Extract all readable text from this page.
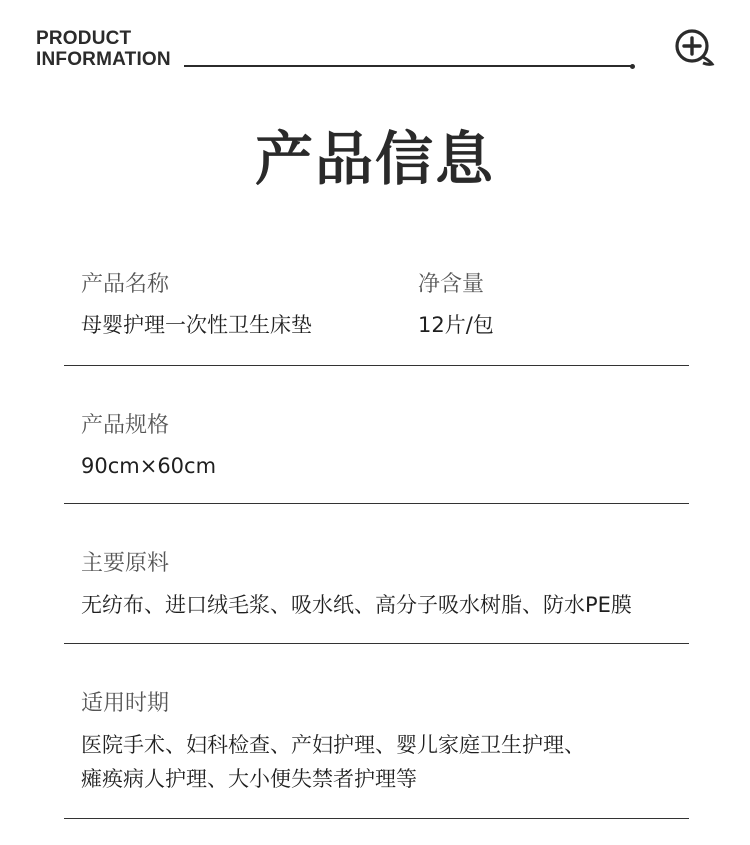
PRODUCT
INFORMATION
产品信息
产品名称
母婴护理一次性卫生床垫
净含量
12片/包
产品规格
90cm×60cm
主要原料
无纺布、进口绒毛浆、吸水纸、高分子吸水树脂、防水PE膜
适用时期
医院手术、妇科检查、产妇护理、婴儿家庭卫生护理、
瘫痪病人护理、大小便失禁者护理等
